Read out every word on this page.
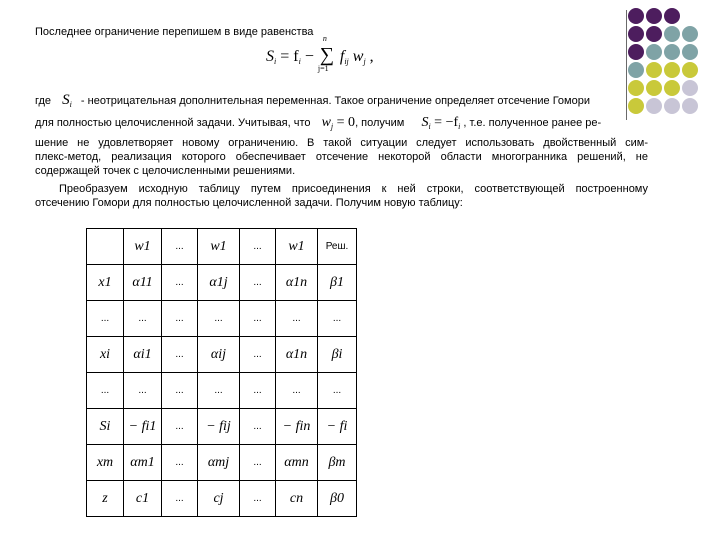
Последнее ограничение перепишем в виде равенства
$S_i = f_i$ −
n
∑
j=1
$f_{ij}$ $w_j$ ,
где $S_i$ - неотрицательная дополнительная переменная. Такое ограничение определяет отсечение Гомори
для полностью целочисленной задачи. Учитывая, что $w_j = 0$, получим $S_i = -f_i$ , т.е. полученное ранее ре-
шение не удовлетворяет новому ограничению. В такой ситуации следует использовать двойственный сим-
плекс-метод, реализация которого обеспечивает отсечение некоторой области многогранника решений, не
содержащей точек с целочисленными решениями.
Преобразуем исходную таблицу путем присоединения к ней строки, соответствующей построенному
отсечению Гомори для полностью целочисленной задачи. Получим новую таблицу:
	w1	...	w1	...	w1	Реш.
x1	α11	...	α1j	...	α1n	β1
...	...	...	...	...	...	...
xi	αi1	...	αij	...	α1n	βi
...	...	...	...	...	...	...
Si	− fi1	...	− fij	...	− fin	− fi
xm	αm1	...	αmj	...	αmn	βm
z	c1	...	cj	...	cn	β0
